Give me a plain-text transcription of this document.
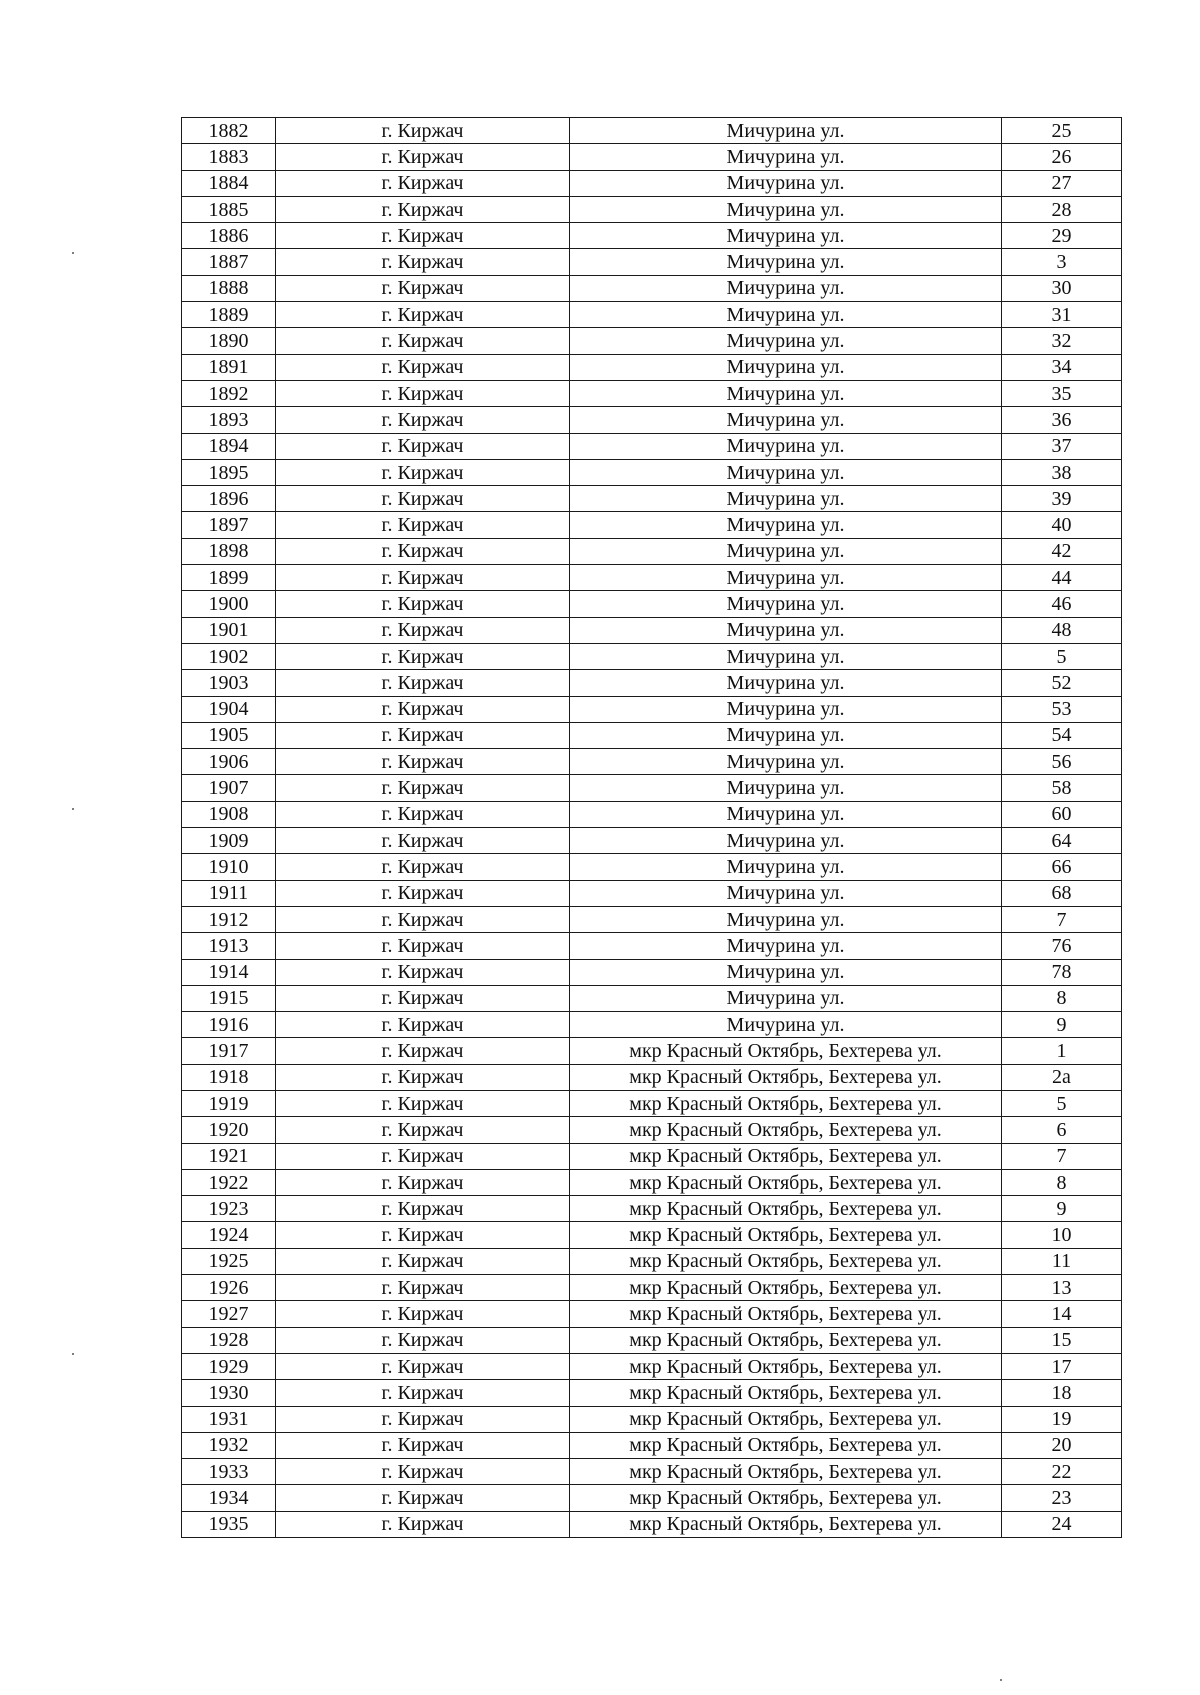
1882	г. Киржач	Мичурина ул.	25
1883	г. Киржач	Мичурина ул.	26
1884	г. Киржач	Мичурина ул.	27
1885	г. Киржач	Мичурина ул.	28
1886	г. Киржач	Мичурина ул.	29
1887	г. Киржач	Мичурина ул.	3
1888	г. Киржач	Мичурина ул.	30
1889	г. Киржач	Мичурина ул.	31
1890	г. Киржач	Мичурина ул.	32
1891	г. Киржач	Мичурина ул.	34
1892	г. Киржач	Мичурина ул.	35
1893	г. Киржач	Мичурина ул.	36
1894	г. Киржач	Мичурина ул.	37
1895	г. Киржач	Мичурина ул.	38
1896	г. Киржач	Мичурина ул.	39
1897	г. Киржач	Мичурина ул.	40
1898	г. Киржач	Мичурина ул.	42
1899	г. Киржач	Мичурина ул.	44
1900	г. Киржач	Мичурина ул.	46
1901	г. Киржач	Мичурина ул.	48
1902	г. Киржач	Мичурина ул.	5
1903	г. Киржач	Мичурина ул.	52
1904	г. Киржач	Мичурина ул.	53
1905	г. Киржач	Мичурина ул.	54
1906	г. Киржач	Мичурина ул.	56
1907	г. Киржач	Мичурина ул.	58
1908	г. Киржач	Мичурина ул.	60
1909	г. Киржач	Мичурина ул.	64
1910	г. Киржач	Мичурина ул.	66
1911	г. Киржач	Мичурина ул.	68
1912	г. Киржач	Мичурина ул.	7
1913	г. Киржач	Мичурина ул.	76
1914	г. Киржач	Мичурина ул.	78
1915	г. Киржач	Мичурина ул.	8
1916	г. Киржач	Мичурина ул.	9
1917	г. Киржач	мкр Красный Октябрь, Бехтерева ул.	1
1918	г. Киржач	мкр Красный Октябрь, Бехтерева ул.	2а
1919	г. Киржач	мкр Красный Октябрь, Бехтерева ул.	5
1920	г. Киржач	мкр Красный Октябрь, Бехтерева ул.	6
1921	г. Киржач	мкр Красный Октябрь, Бехтерева ул.	7
1922	г. Киржач	мкр Красный Октябрь, Бехтерева ул.	8
1923	г. Киржач	мкр Красный Октябрь, Бехтерева ул.	9
1924	г. Киржач	мкр Красный Октябрь, Бехтерева ул.	10
1925	г. Киржач	мкр Красный Октябрь, Бехтерева ул.	11
1926	г. Киржач	мкр Красный Октябрь, Бехтерева ул.	13
1927	г. Киржач	мкр Красный Октябрь, Бехтерева ул.	14
1928	г. Киржач	мкр Красный Октябрь, Бехтерева ул.	15
1929	г. Киржач	мкр Красный Октябрь, Бехтерева ул.	17
1930	г. Киржач	мкр Красный Октябрь, Бехтерева ул.	18
1931	г. Киржач	мкр Красный Октябрь, Бехтерева ул.	19
1932	г. Киржач	мкр Красный Октябрь, Бехтерева ул.	20
1933	г. Киржач	мкр Красный Октябрь, Бехтерева ул.	22
1934	г. Киржач	мкр Красный Октябрь, Бехтерева ул.	23
1935	г. Киржач	мкр Красный Октябрь, Бехтерева ул.	24
